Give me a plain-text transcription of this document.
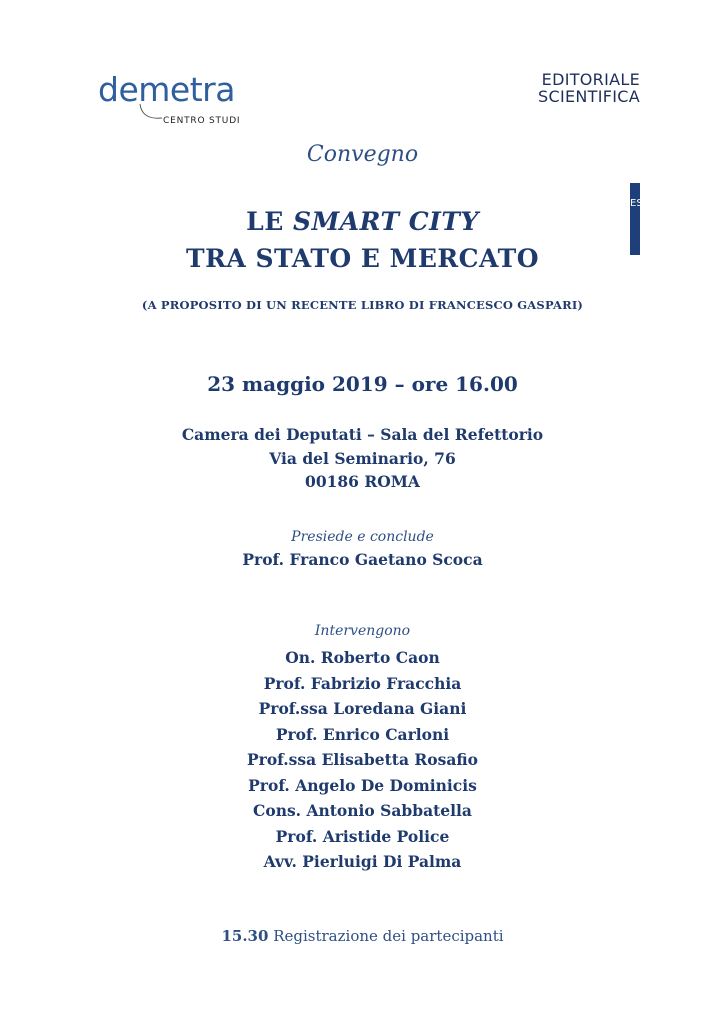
demetra
CENTRO STUDI
EDITORIALE
SCIENTIFICA
ES
Convegno
LE SMART CITY
TRA STATO E MERCATO
(A PROPOSITO DI UN RECENTE LIBRO DI FRANCESCO GASPARI)
23 maggio 2019 – ore 16.00
Camera dei Deputati – Sala del Refettorio
Via del Seminario, 76
00186 ROMA
Presiede e conclude
Prof. Franco Gaetano Scoca
Intervengono
On. Roberto Caon
Prof. Fabrizio Fracchia
Prof.ssa Loredana Giani
Prof. Enrico Carloni
Prof.ssa Elisabetta Rosafio
Prof. Angelo De Dominicis
Cons. Antonio Sabbatella
Prof. Aristide Police
Avv. Pierluigi Di Palma
15.30 Registrazione dei partecipanti
